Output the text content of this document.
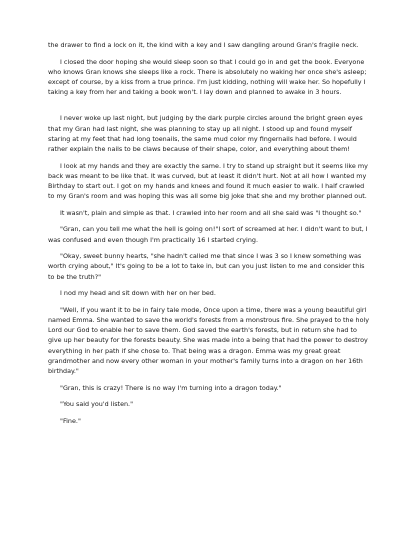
the drawer to find a lock on it, the kind with a key and I saw dangling around Gran's fragile neck.

I closed the door hoping she would sleep soon so that I could go in and get the book. Everyone who knows Gran knows she sleeps like a rock. There is absolutely no waking her once she's asleep; except of course, by a kiss from a true prince. I'm just kidding, nothing will wake her. So hopefully I taking a key from her and taking a book won't. I lay down and planned to awake in 3 hours.

I never woke up last night, but judging by the dark purple circles around the bright green eyes that my Gran had last night, she was planning to stay up all night. I stood up and found myself staring at my feet that had long toenails, the same mud color my fingernails had before. I would rather explain the nails to be claws because of their shape, color, and everything about them!

I look at my hands and they are exactly the same. I try to stand up straight but it seems like my back was meant to be like that. It was curved, but at least it didn't hurt. Not at all how I wanted my Birthday to start out. I got on my hands and knees and found it much easier to walk. I half crawled to my Gran's room and was hoping this was all some big joke that she and my brother planned out.

It wasn't, plain and simple as that. I crawled into her room and all she said was "I thought so."

"Gran, can you tell me what the hell is going on!"I sort of screamed at her. I didn't want to but, I was confused and even though I'm practically 16 I started crying.

"Okay, sweet bunny hearts, "she hadn't called me that since I was 3 so I knew something was worth crying about," It's going to be a lot to take in, but can you just listen to me and consider this to be the truth?"

I nod my head and sit down with her on her bed.

"Well, if you want it to be in fairy tale mode, Once upon a time, there was a young beautiful girl named Emma. She wanted to save the world's forests from a monstrous fire. She prayed to the holy Lord our God to enable her to save them. God saved the earth's forests, but in return she had to give up her beauty for the forests beauty. She was made into a being that had the power to destroy everything in her path if she chose to. That being was a dragon. Emma was my great great grandmother and now every other woman in your mother's family turns into a dragon on her 16th birthday."

"Gran, this is crazy! There is no way I'm turning into a dragon today."

"You said you'd listen."

"Fine."
